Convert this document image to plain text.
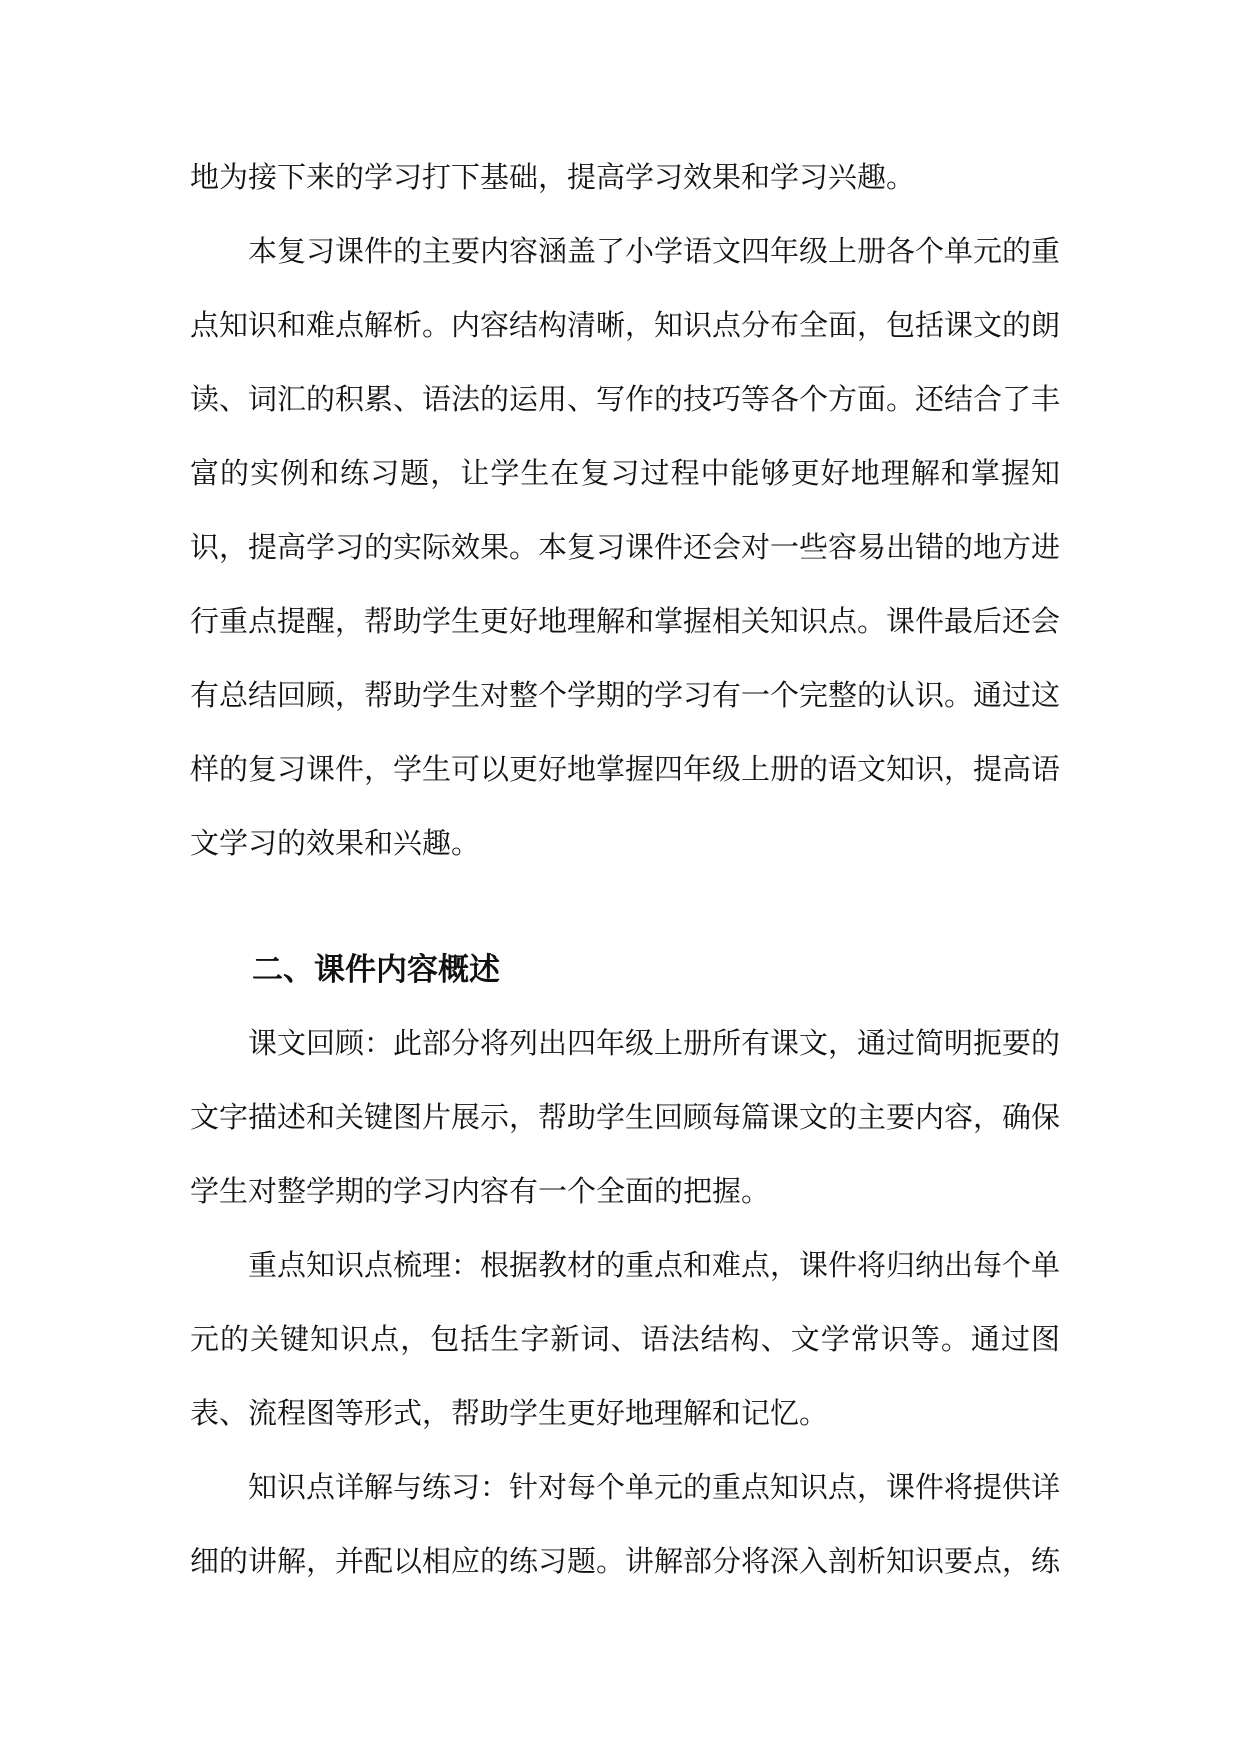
地为接下来的学习打下基础，提高学习效果和学习兴趣。

本复习课件的主要内容涵盖了小学语文四年级上册各个单元的重点知识和难点解析。内容结构清晰，知识点分布全面，包括课文的朗读、词汇的积累、语法的运用、写作的技巧等各个方面。还结合了丰富的实例和练习题，让学生在复习过程中能够更好地理解和掌握知识，提高学习的实际效果。本复习课件还会对一些容易出错的地方进行重点提醒，帮助学生更好地理解和掌握相关知识点。课件最后还会有总结回顾，帮助学生对整个学期的学习有一个完整的认识。通过这样的复习课件，学生可以更好地掌握四年级上册的语文知识，提高语文学习的效果和兴趣。

二、课件内容概述

课文回顾：此部分将列出四年级上册所有课文，通过简明扼要的文字描述和关键图片展示，帮助学生回顾每篇课文的主要内容，确保学生对整学期的学习内容有一个全面的把握。

重点知识点梳理：根据教材的重点和难点，课件将归纳出每个单元的关键知识点，包括生字新词、语法结构、文学常识等。通过图表、流程图等形式，帮助学生更好地理解和记忆。

知识点详解与练习：针对每个单元的重点知识点，课件将提供详细的讲解，并配以相应的练习题。讲解部分将深入剖析知识要点，练
